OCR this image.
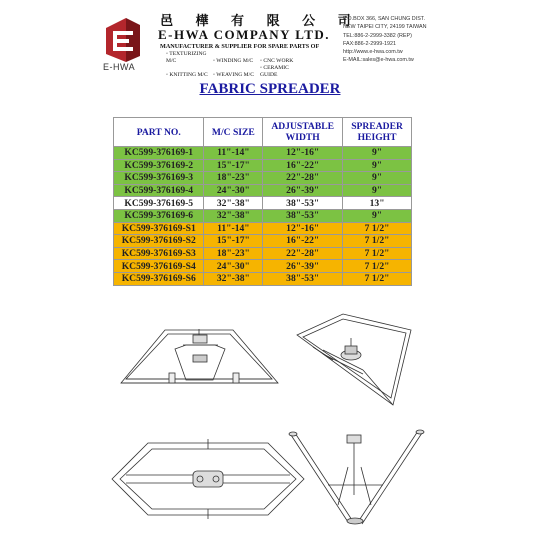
E-HWA
邑 樺 有 限 公 司
E-HWA COMPANY LTD.
MANUFACTURER & SUPPLIER FOR SPARE PARTS OF
◦ TEXTURIZING M/C	◦ WINDING M/C ◦ CNC WORK
◦ KNITTING M/C ◦ WEAVING M/C◦ CERAMIC GUIDE
P.O.BOX 366, SAN CHUNG DIST.
NEW TAIPEI CITY, 24199 TAIWAN
TEL:886-2-2999-3382 (REP)
FAX:886-2-2999-1921
http://www.e-hwa.com.tw
E-MAIL:sales@e-hwa.com.tw
FABRIC SPREADER
PART NO.	M/C SIZE	ADJUSTABLE WIDTH	SPREADER HEIGHT
KC599-376169-1	11"-14"	12"-16"	9"
KC599-376169-2	15"-17"	16"-22"	9"
KC599-376169-3	18"-23"	22"-28"	9"
KC599-376169-4	24"-30"	26"-39"	9"
KC599-376169-5	32"-38"	38"-53"	13"
KC599-376169-6	32"-38"	38"-53"	9"
KC599-376169-S1	11"-14"	12"-16"	7 1/2"
KC599-376169-S2	15"-17"	16"-22"	7 1/2"
KC599-376169-S3	18"-23"	22"-28"	7 1/2"
KC599-376169-S4	24"-30"	26"-39"	7 1/2"
KC599-376169-S6	32"-38"	38"-53"	7 1/2"
